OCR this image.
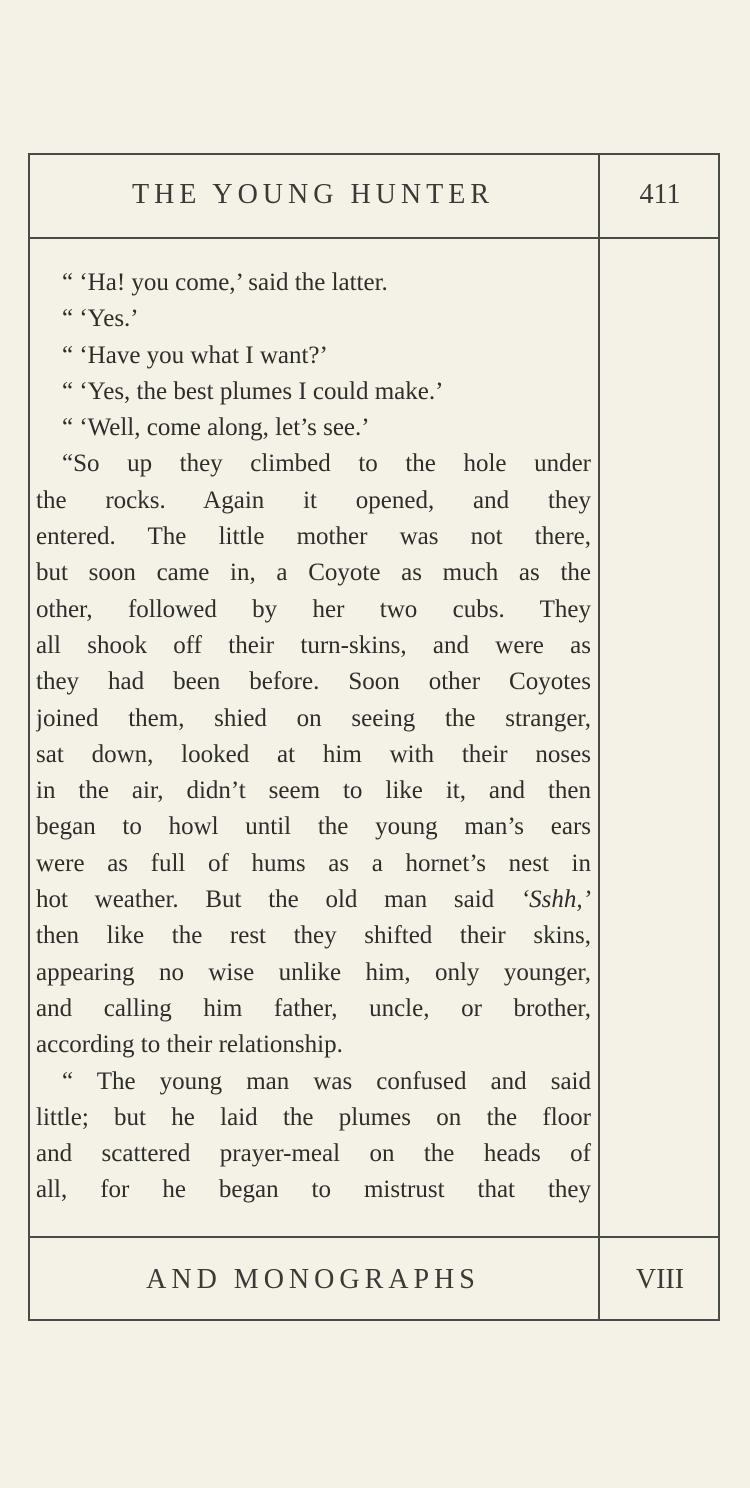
THE YOUNG HUNTER	411
“ ‘Ha! you come,’ said the latter.
“ ‘Yes.’
“ ‘Have you what I want?’
“ ‘Yes, the best plumes I could make.’
“ ‘Well, come along, let’s see.’
“So up they climbed to the hole under
the rocks. Again it opened, and they
entered. The little mother was not there,
but soon came in, a Coyote as much as the
other, followed by her two cubs. They
all shook off their turn-skins, and were as
they had been before. Soon other Coyotes
joined them, shied on seeing the stranger,
sat down, looked at him with their noses
in the air, didn’t seem to like it, and then
began to howl until the young man’s ears
were as full of hums as a hornet’s nest in
hot weather. But the old man said ‘Sshh,’
then like the rest they shifted their skins,
appearing no wise unlike him, only younger,
and calling him father, uncle, or brother,
according to their relationship.
“ The young man was confused and said
little; but he laid the plumes on the floor
and scattered prayer-meal on the heads of
all, for he began to mistrust that they
AND MONOGRAPHS	VIII
